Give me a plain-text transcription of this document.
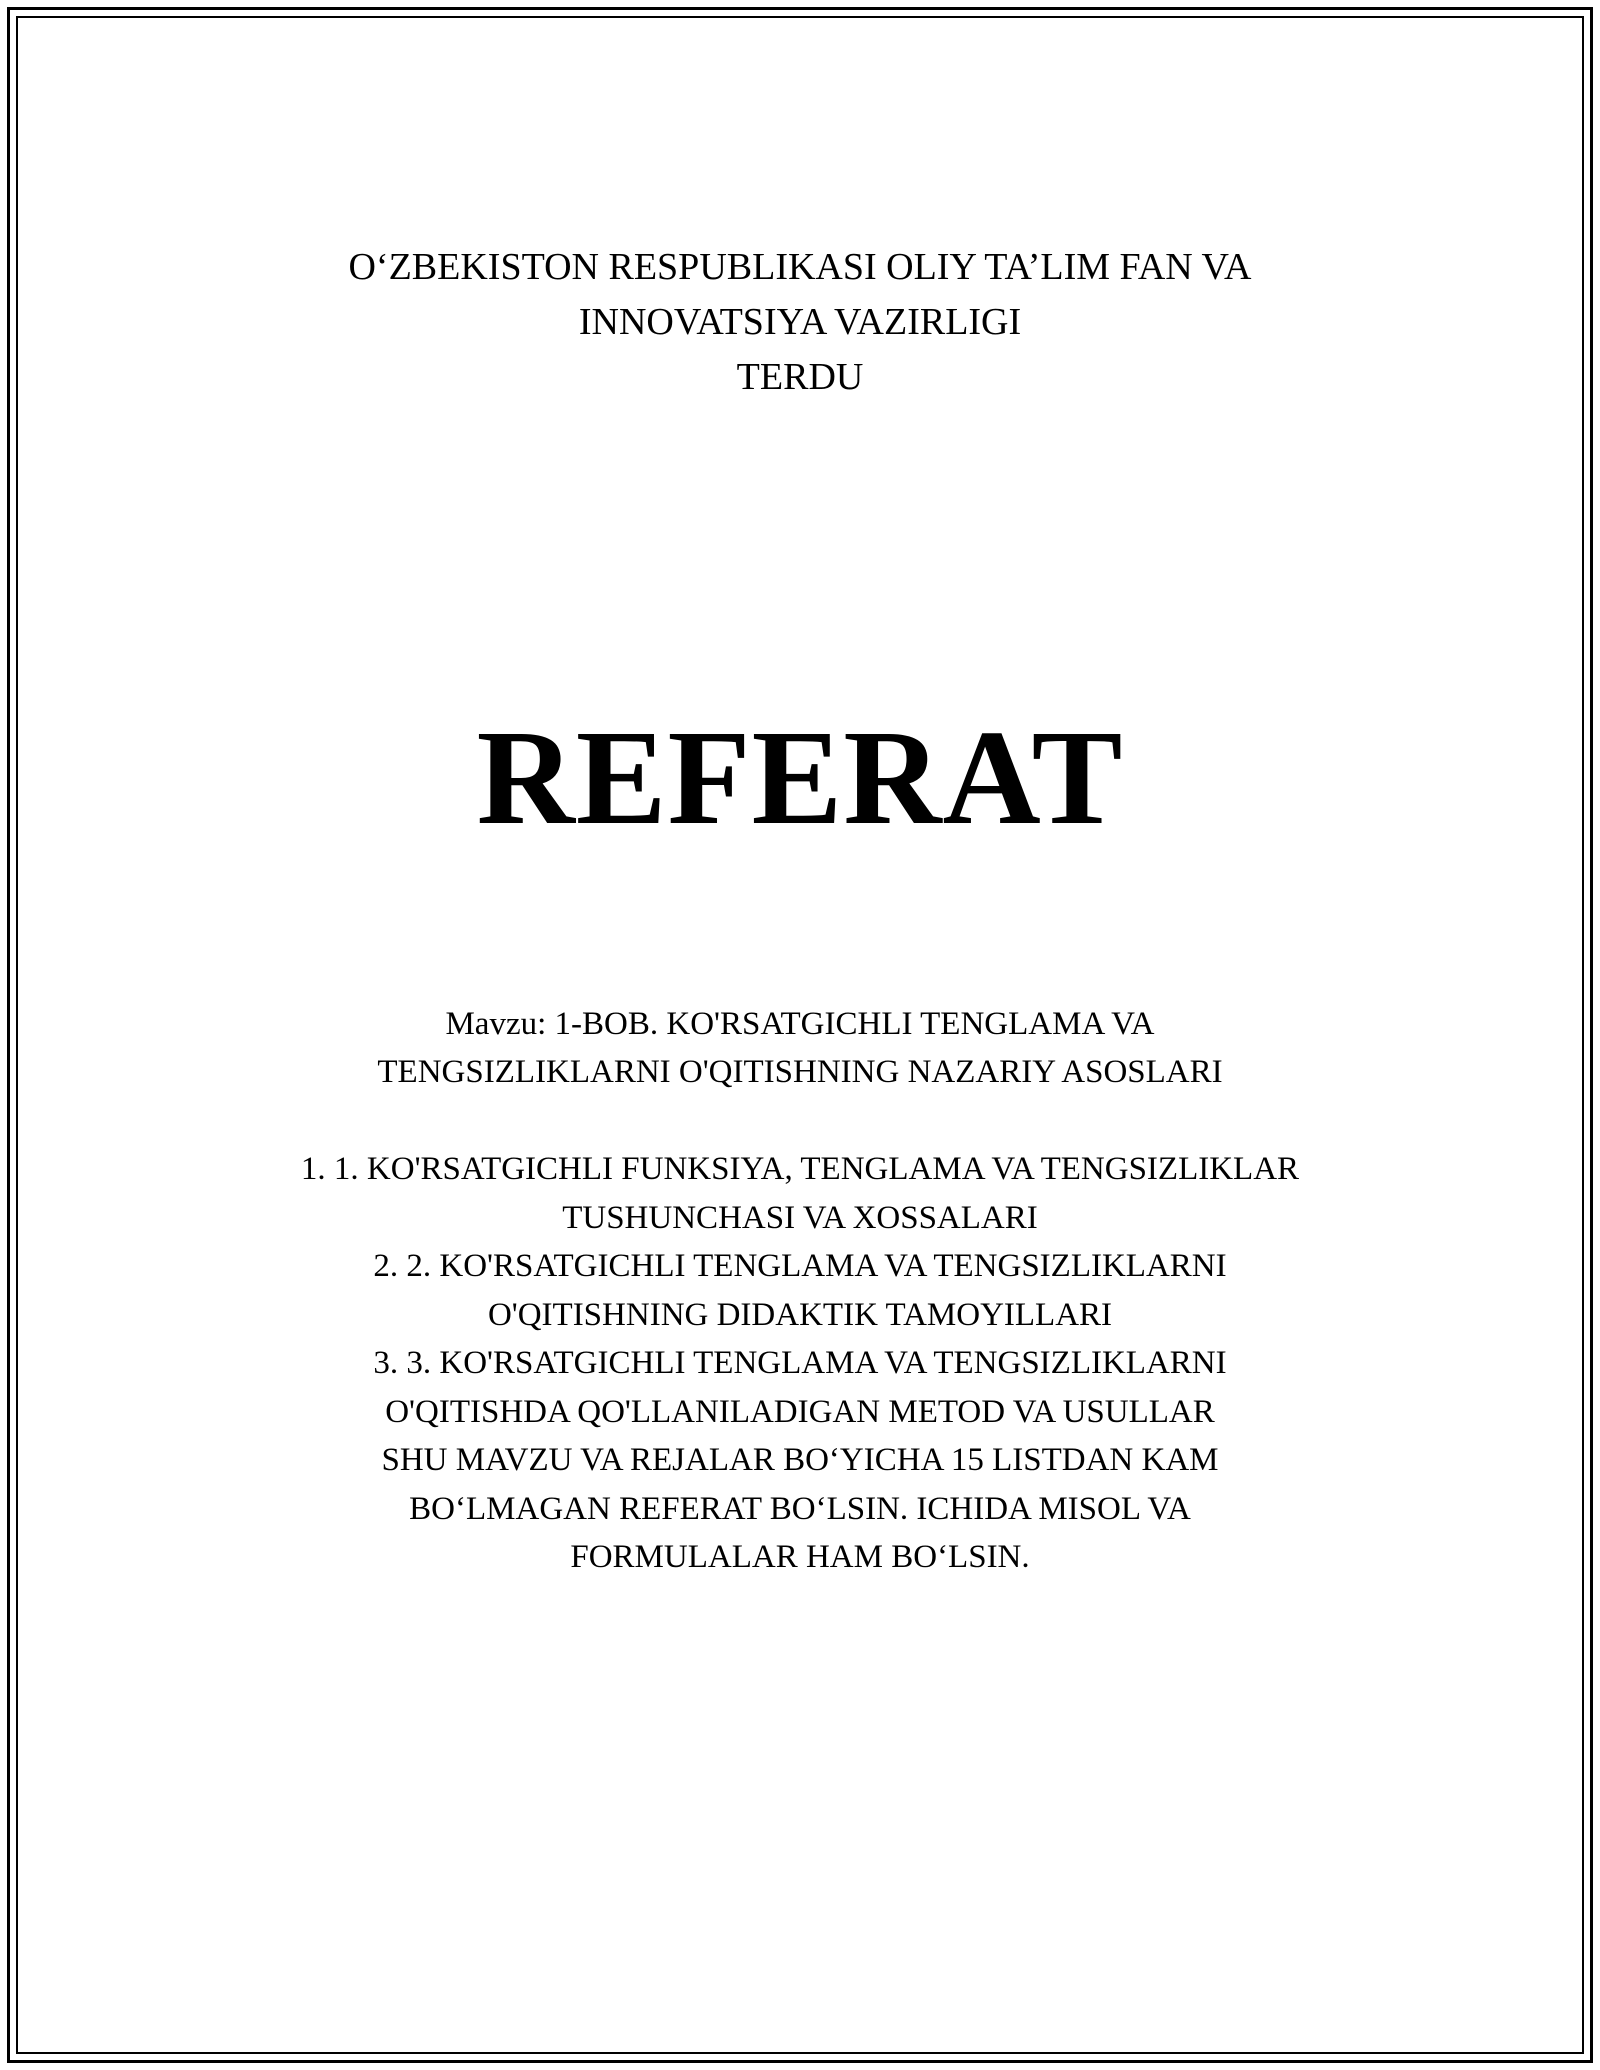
O‘ZBEKISTON RESPUBLIKASI OLIY TA’LIM FAN VA
INNOVATSIYA VAZIRLIGI
TERDU
REFERAT
Mavzu: 1-BOB. KO'RSATGICHLI TENGLAMA VA
TENGSIZLIKLARNI O'QITISHNING NAZARIY ASOSLARI
1. 1. KO'RSATGICHLI FUNKSIYA, TENGLAMA VA TENGSIZLIKLAR
TUSHUNCHASI VA XOSSALARI
2. 2. KO'RSATGICHLI TENGLAMA VA TENGSIZLIKLARNI
O'QITISHNING DIDAKTIK TAMOYILLARI
3. 3. KO'RSATGICHLI TENGLAMA VA TENGSIZLIKLARNI
O'QITISHDA QO'LLANILADIGAN METOD VA USULLAR
SHU MAVZU VA REJALAR BO‘YICHA 15 LISTDAN KAM
BO‘LMAGAN REFERAT BO‘LSIN. ICHIDA MISOL VA
FORMULALAR HAM BO‘LSIN.
